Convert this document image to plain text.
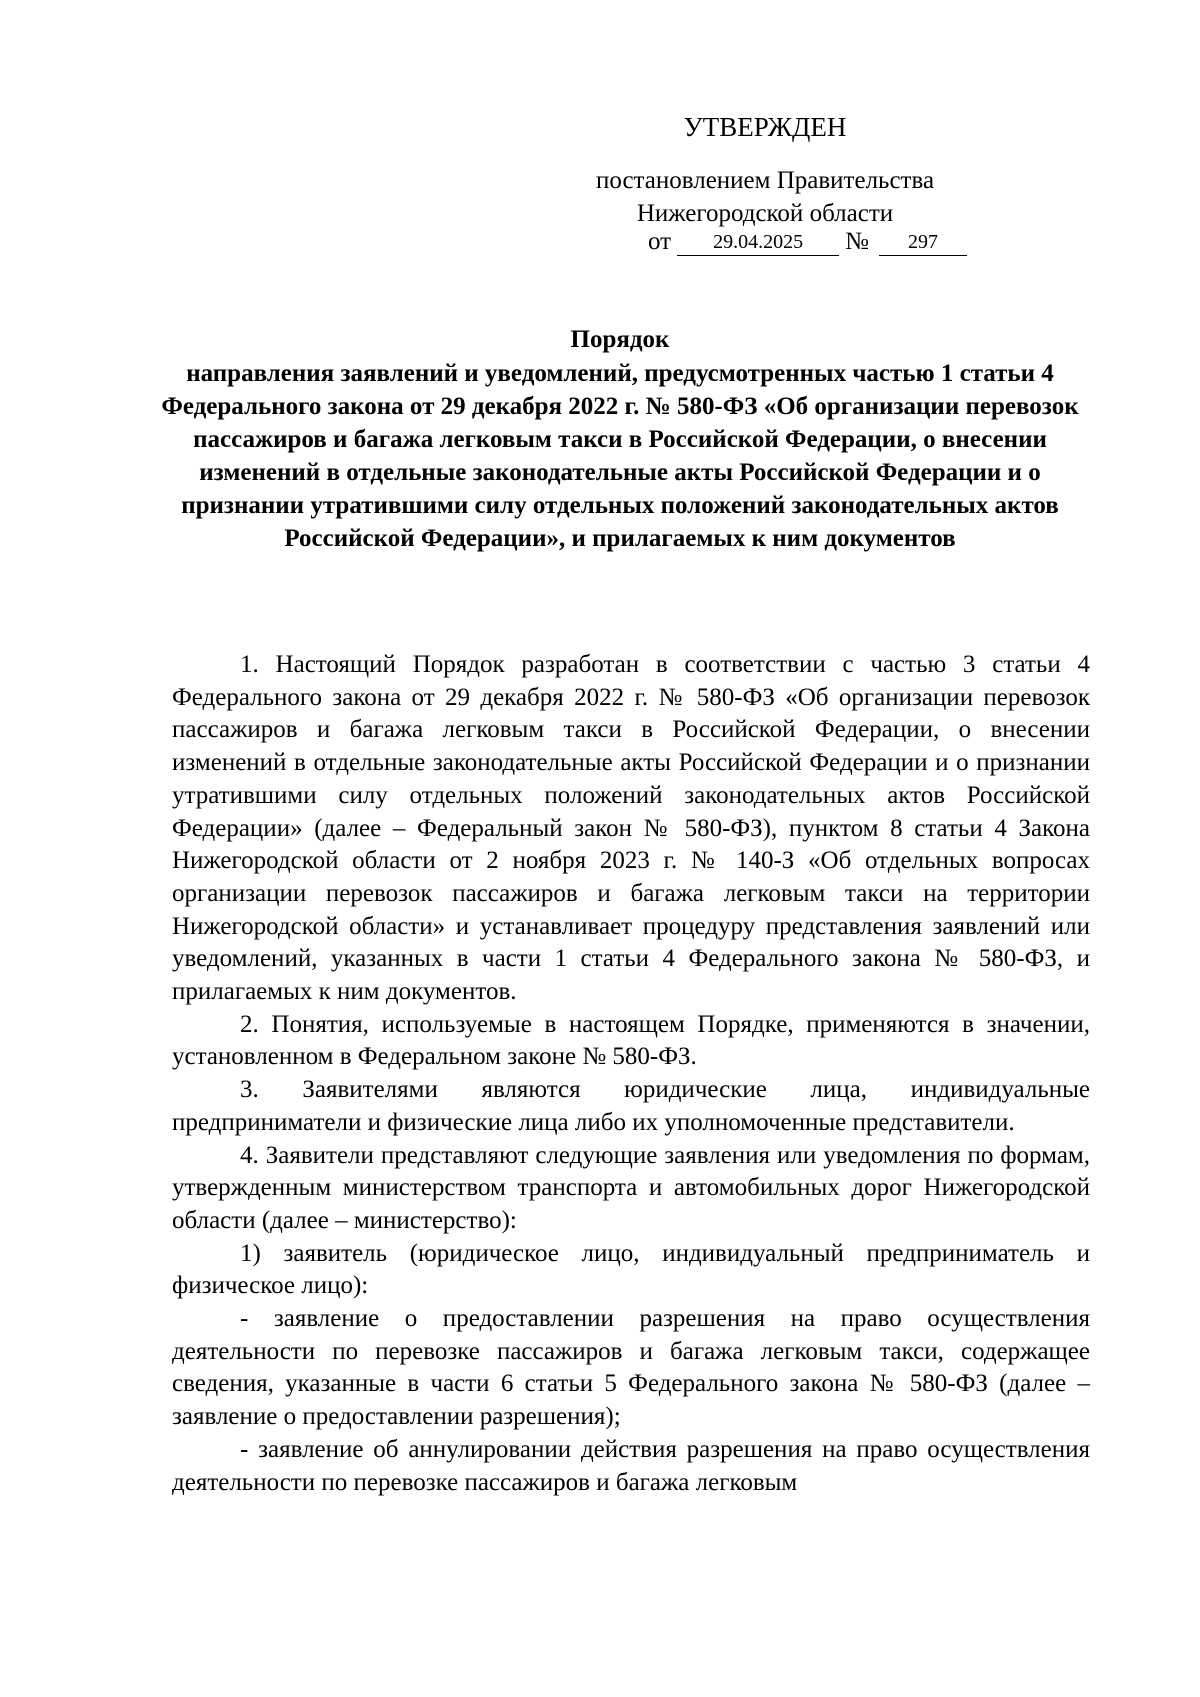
УТВЕРЖДЕН
постановлением Правительства
Нижегородской области
от	29.04.2025	№	297
Порядок
направления заявлений и уведомлений, предусмотренных частью 1 статьи 4 Федерального закона от 29 декабря 2022 г. № 580-ФЗ «Об организации перевозок пассажиров и багажа легковым такси в Российской Федерации, о внесении изменений в отдельные законодательные акты Российской Федерации и о признании утратившими силу отдельных положений законодательных актов Российской Федерации», и прилагаемых к ним документов

1. Настоящий Порядок разработан в соответствии с частью 3 статьи 4 Федерального закона от 29 декабря 2022 г. № 580-ФЗ «Об организации перевозок пассажиров и багажа легковым такси в Российской Федерации, о внесении изменений в отдельные законодательные акты Российской Федерации и о признании утратившими силу отдельных положений законодательных актов Российской Федерации» (далее – Федеральный закон № 580-ФЗ), пунктом 8 статьи 4 Закона Нижегородской области от 2 ноября 2023 г. № 140-З «Об отдельных вопросах организации перевозок пассажиров и багажа легковым такси на территории Нижегородской области» и устанавливает процедуру представления заявлений или уведомлений, указанных в части 1 статьи 4 Федерального закона № 580-ФЗ, и прилагаемых к ним документов.

2. Понятия, используемые в настоящем Порядке, применяются в значении, установленном в Федеральном законе № 580-ФЗ.

3. Заявителями являются юридические лица, индивидуальные предприниматели и физические лица либо их уполномоченные представители.

4. Заявители представляют следующие заявления или уведомления по формам, утвержденным министерством транспорта и автомобильных дорог Нижегородской области (далее – министерство):

1) заявитель (юридическое лицо, индивидуальный предприниматель и физическое лицо):

- заявление о предоставлении разрешения на право осуществления деятельности по перевозке пассажиров и багажа легковым такси, содержащее сведения, указанные в части 6 статьи 5 Федерального закона № 580-ФЗ (далее – заявление о предоставлении разрешения);

- заявление об аннулировании действия разрешения на право осуществления деятельности по перевозке пассажиров и багажа легковым
